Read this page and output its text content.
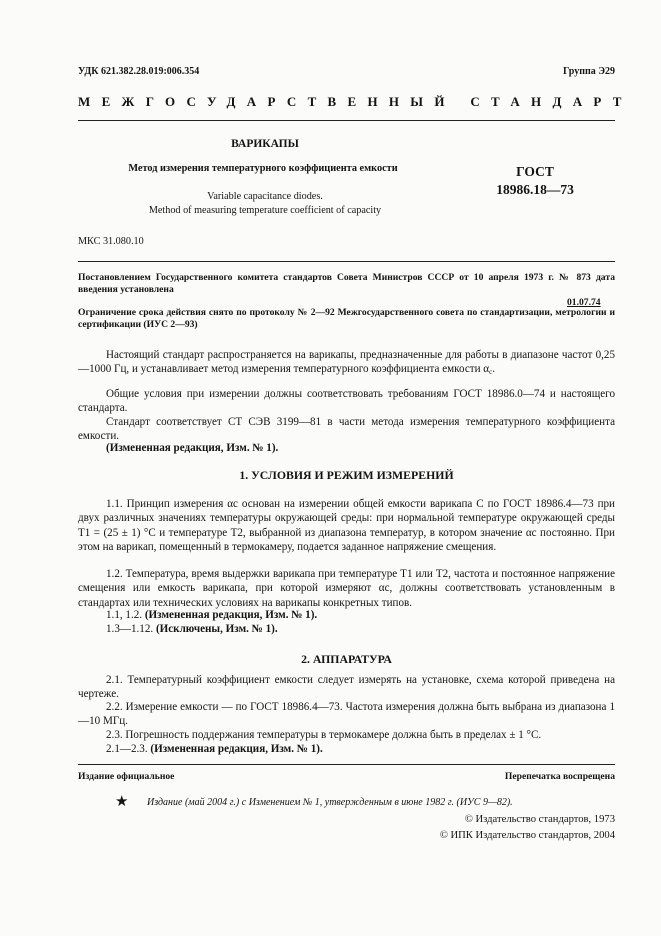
УДК 621.382.28.019:006.354	Группа Э29
МЕЖГОСУДАРСТВЕННЫЙ СТАНДАРТ
ВАРИКАПЫ
Метод измерения температурного коэффициента емкости
Variable capacitance diodes.
Method of measuring temperature coefficient of capacity
ГОСТ
18986.18—73
МКС 31.080.10
Постановлением Государственного комитета стандартов Совета Министров СССР от 10 апреля 1973 г. № 873 дата введения установлена
01.07.74
Ограничение срока действия снято по протоколу № 2—92 Межгосударственного совета по стандартизации, метрологии и сертификации (ИУС 2—93)
Настоящий стандарт распространяется на варикапы, предназначенные для работы в диапазоне частот 0,25—1000 Гц, и устанавливает метод измерения температурного коэффициента емкости $\alpha_c$.
Общие условия при измерении должны соответствовать требованиям ГОСТ 18986.0—74 и настоящего стандарта.
Стандарт соответствует СТ СЭВ 3199—81 в части метода измерения температурного коэффициента емкости.
(Измененная редакция, Изм. № 1).
1. УСЛОВИЯ И РЕЖИМ ИЗМЕРЕНИЙ
1.1. Принцип измерения αc основан на измерении общей емкости варикапа C по ГОСТ 18986.4—73 при двух различных значениях температуры окружающей среды: при нормальной температуре окружающей среды T1 = (25 ± 1) °С и температуре T2, выбранной из диапазона температур, в котором значение αc постоянно. При этом на варикап, помещенный в термокамеру, подается заданное напряжение смещения.
1.2. Температура, время выдержки варикапа при температуре T1 или T2, частота и постоянное напряжение смещения или емкость варикапа, при которой измеряют αc, должны соответствовать установленным в стандартах или технических условиях на варикапы конкретных типов.
1.1, 1.2. (Измененная редакция, Изм. № 1).
1.3—1.12. (Исключены, Изм. № 1).
2. АППАРАТУРА
2.1. Температурный коэффициент емкости следует измерять на установке, схема которой приведена на чертеже.
2.2. Измерение емкости — по ГОСТ 18986.4—73. Частота измерения должна быть выбрана из диапазона 1—10 МГц.
2.3. Погрешность поддержания температуры в термокамере должна быть в пределах ± 1 °С.
2.1—2.3. (Измененная редакция, Изм. № 1).
Издание официальное	Перепечатка воспрещена
★ Издание (май 2004 г.) с Изменением № 1, утвержденным в июне 1982 г. (ИУС 9—82).
© Издательство стандартов, 1973
© ИПК Издательство стандартов, 2004
